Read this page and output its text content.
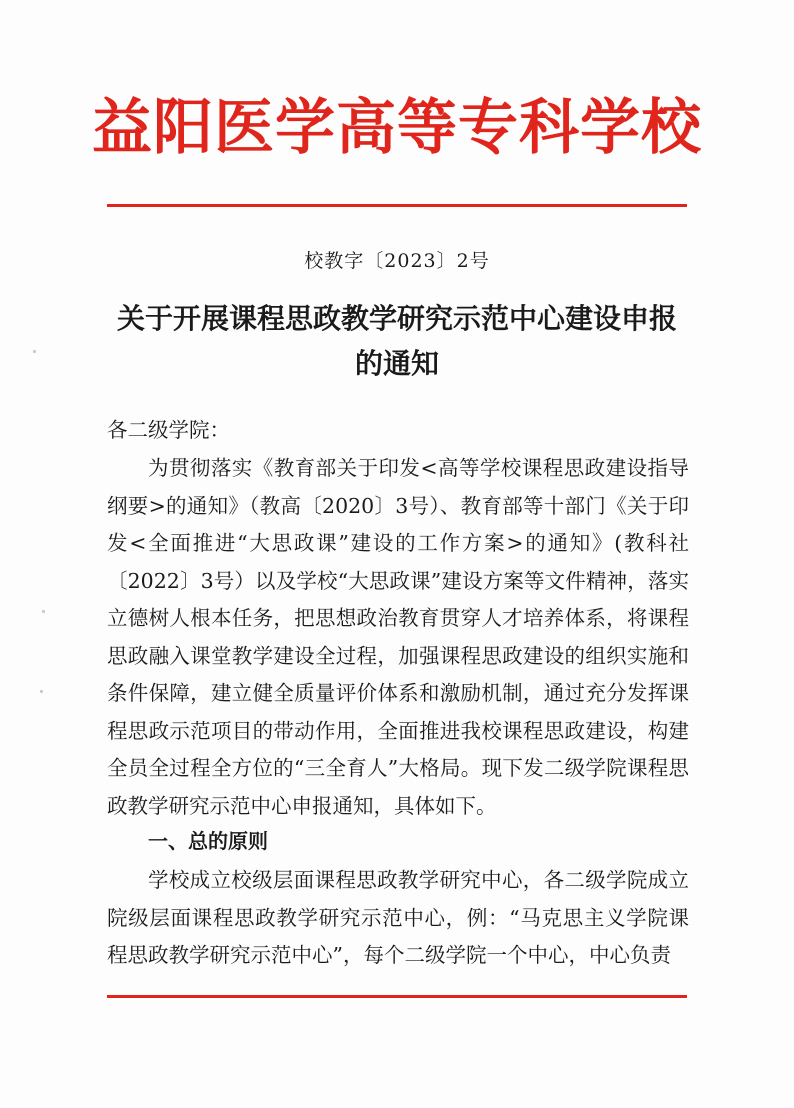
益阳医学高等专科学校
校教字〔2023〕2号
关于开展课程思政教学研究示范中心建设申报
的通知
各二级学院：
为贯彻落实《教育部关于印发<高等学校课程思政建设指导纲要>的通知》（教高〔2020〕3号）、教育部等十部门《关于印发<全面推进“大思政课”建设的工作方案>的通知》(教科社〔2022〕3号）以及学校“大思政课”建设方案等文件精神，落实立德树人根本任务，把思想政治教育贯穿人才培养体系，将课程思政融入课堂教学建设全过程，加强课程思政建设的组织实施和条件保障，建立健全质量评价体系和激励机制，通过充分发挥课程思政示范项目的带动作用，全面推进我校课程思政建设，构建全员全过程全方位的“三全育人”大格局。现下发二级学院课程思政教学研究示范中心申报通知，具体如下。
一、总的原则
学校成立校级层面课程思政教学研究中心，各二级学院成立院级层面课程思政教学研究示范中心，例：“马克思主义学院课程思政教学研究示范中心”，每个二级学院一个中心，中心负责
